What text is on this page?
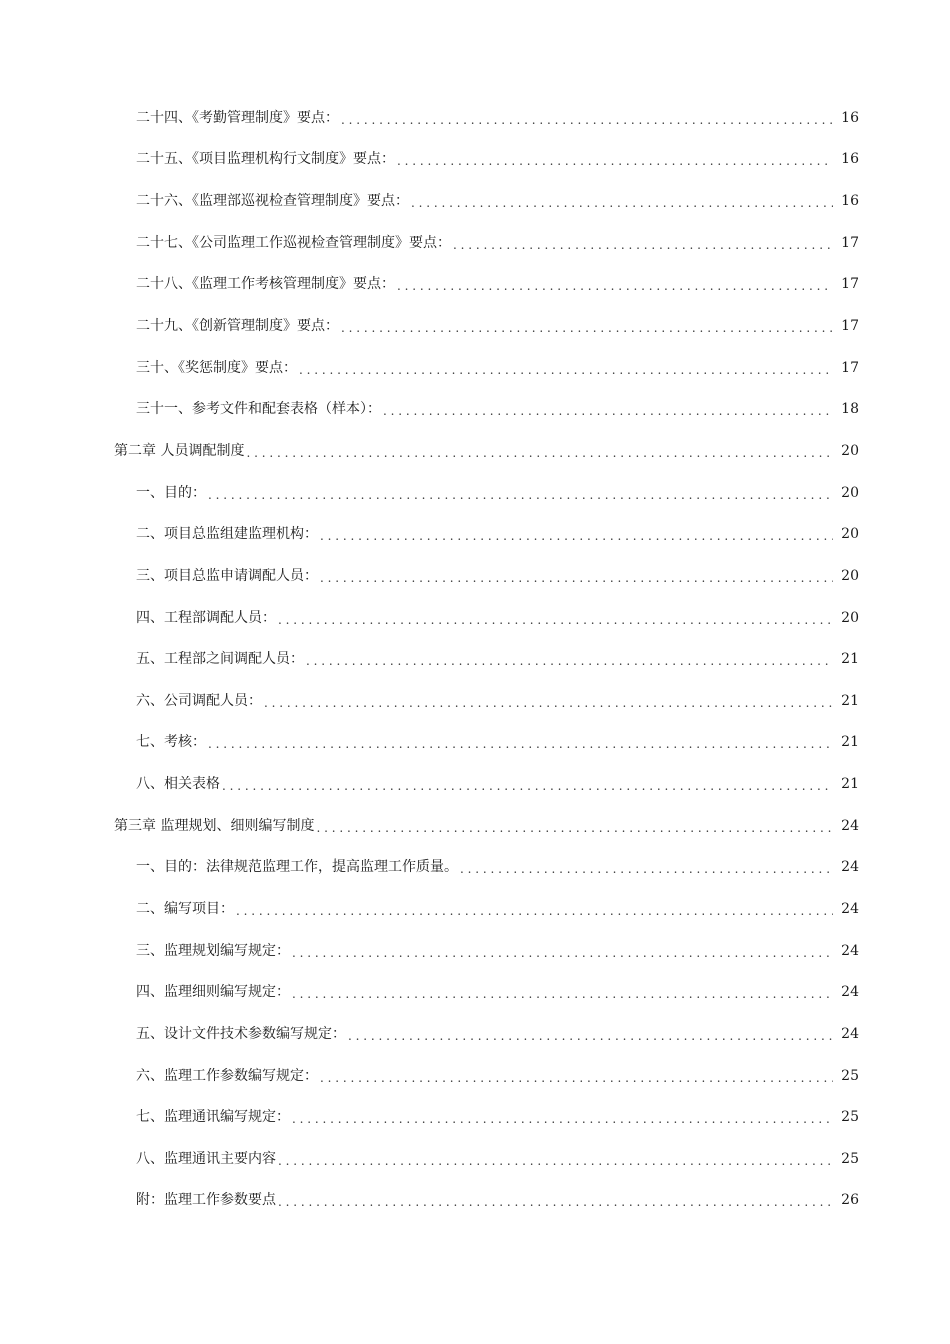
二十四、《考勤管理制度》要点： . . .	16
二十五、《项目监理机构行文制度》要点： . . .	16
二十六、《监理部巡视检查管理制度》要点： . . .	16
二十七、《公司监理工作巡视检查管理制度》要点： . . .	17
二十八、《监理工作考核管理制度》要点： . . .	17
二十九、《创新管理制度》要点： . . .	17
三十、《奖惩制度》要点： . . .	17
三十一、参考文件和配套表格（样本）： . . .	18
第二章 人员调配制度 . . .	20
一、目的： . . .	20
二、项目总监组建监理机构： . . .	20
三、项目总监申请调配人员： . . .	20
四、工程部调配人员： . . .	20
五、工程部之间调配人员： . . .	21
六、公司调配人员： . . .	21
七、考核： . . .	21
八、相关表格 . . .	21
第三章 监理规划、细则编写制度 . . .	24
一、目的：法律规范监理工作，提高监理工作质量。 . . .	24
二、编写项目： . . .	24
三、监理规划编写规定： . . .	24
四、监理细则编写规定： . . .	24
五、设计文件技术参数编写规定： . . .	24
六、监理工作参数编写规定： . . .	25
七、监理通讯编写规定： . . .	25
八、监理通讯主要内容 . . .	25
附：监理工作参数要点 . . .	26
